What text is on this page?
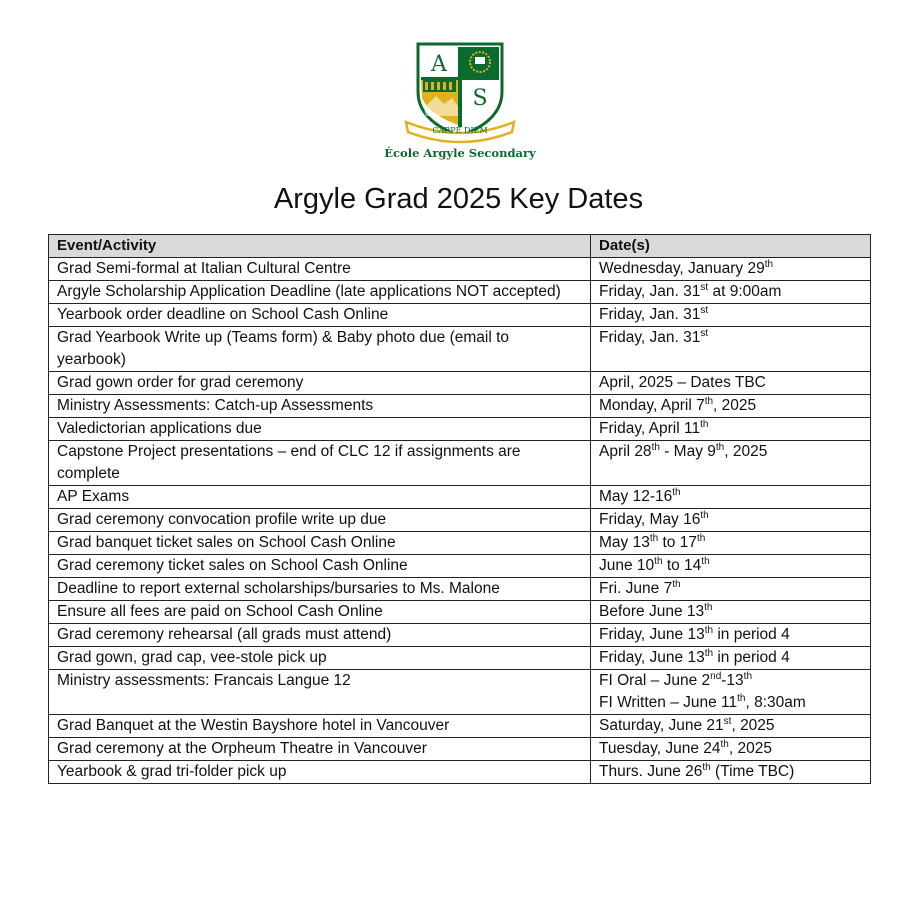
A
S
CARPE DIEM
École Argyle Secondary
Argyle Grad 2025 Key Dates
Event/Activity	Date(s)
Grad Semi-formal at Italian Cultural Centre	Wednesday, January 29th
Argyle Scholarship Application Deadline (late applications NOT accepted)	Friday, Jan. 31st at 9:00am
Yearbook order deadline on School Cash Online	Friday, Jan. 31st
Grad Yearbook Write up (Teams form) & Baby photo due (email to yearbook)	Friday, Jan. 31st
Grad gown order for grad ceremony	April, 2025 – Dates TBC
Ministry Assessments: Catch-up Assessments	Monday, April 7th, 2025
Valedictorian applications due	Friday, April 11th
Capstone Project presentations – end of CLC 12 if assignments are complete	April 28th - May 9th, 2025
AP Exams	May 12-16th
Grad ceremony convocation profile write up due	Friday, May 16th
Grad banquet ticket sales on School Cash Online	May 13th to 17th
Grad ceremony ticket sales on School Cash Online	June 10th to 14th
Deadline to report external scholarships/bursaries to Ms. Malone	Fri. June 7th
Ensure all fees are paid on School Cash Online	Before June 13th
Grad ceremony rehearsal (all grads must attend)	Friday, June 13th in period 4
Grad gown, grad cap, vee-stole pick up	Friday, June 13th in period 4
Ministry assessments: Francais Langue 12	FI Oral – June 2nd-13th
FI Written – June 11th, 8:30am
Grad Banquet at the Westin Bayshore hotel in Vancouver	Saturday, June 21st, 2025
Grad ceremony at the Orpheum Theatre in Vancouver	Tuesday, June 24th, 2025
Yearbook & grad tri-folder pick up	Thurs. June 26th (Time TBC)
